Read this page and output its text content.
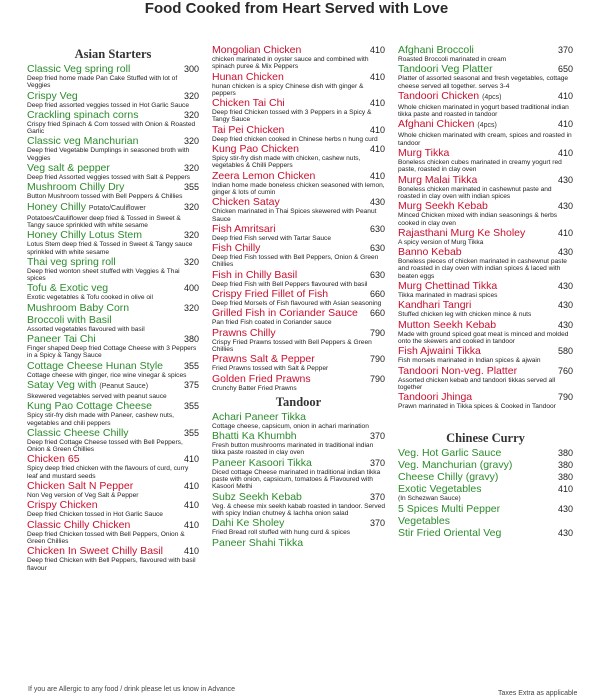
Food Cooked from Heart Served with Love
Asian Starters
Classic Veg spring roll	300
Deep fried home made Pan Cake Stuffed with lot of Veggies
Crispy Veg	320
Deep fried assorted veggies tossed in Hot Garlic Sauce
Crackling spinach corns	320
Crispy fried Spinach & Corn tossed with Onion & Roasted Garlic
Classic veg Manchurian	320
Deep fried Vegetable Dumplings in seasoned broth with Veggies
Veg salt & pepper	320
Deep fried Assorted veggies tossed with Salt & Peppers
Mushroom Chilly Dry	355
Button Mushroom tossed with Bell Peppers & Chillies
Honey Chilly Potato/Cauliflower	320
Potatoes/Cauliflower deep fried & Tossed in Sweet & Tangy sauce sprinkled with white sesame
Honey Chilly Lotus Stem	320
Lotus Stem deep fried & Tossed in Sweet & Tangy sauce sprinkled with white sesame
Thai veg spring roll	320
Deep fried wonton sheet stuffed with Veggies & Thai spices
Tofu & Exotic veg	400
Exotic vegetables & Tofu cooked in olive oil
Mushroom Baby Corn	320
Broccoli with Basil
Assorted vegetables flavoured with basil
Paneer Tai Chi	380
Finger shaped Deep fried Cottage Cheese with 3 Peppers in a Spicy & Tangy Sauce
Cottage Cheese Hunan Style	355
Cottage cheese with ginger, rice wine vinegar & spices
Satay Veg with (Peanut Sauce)	375
Skewered vegetables served with peanut sauce
Kung Pao Cottage Cheese	355
Spicy stir-fry dish made with Paneer, cashew nuts, vegetables and chili peppers
Classic Cheese Chilly	355
Deep fried Cottage Cheese tossed with Bell Peppers, Onion & Green Chillies
Chicken 65	410
Spicy deep fried chicken with the flavours of curd, curry leaf and mustard seeds
Chicken Salt N Pepper	410
Non Veg version of Veg Salt & Pepper
Crispy Chicken	410
Deep fried Chicken tossed in Hot Garlic Sauce
Classic Chilly Chicken	410
Deep fried Chicken tossed with Bell Peppers, Onion & Green Chillies
Chicken In Sweet Chilly Basil	410
Deep fried Chicken with Bell Peppers, flavoured with basil flavour
Mongolian Chicken	410
chicken marinated in oyster sauce and combined with spinach puree & Mix Peppers
Hunan Chicken	410
hunan chicken is a spicy Chinese dish with ginger & peppers
Chicken Tai Chi	410
Deep fried Chicken tossed with 3 Peppers in a Spicy & Tangy Sauce
Tai Pei Chicken	410
Deep fried chicken cooked in Chinese herbs n hung curd
Kung Pao Chicken	410
Spicy stir-fry dish made with chicken, cashew nuts, vegetables & Chilli Peppers
Zeera Lemon Chicken	410
Indian home made boneless chicken seasoned with lemon, ginger & lots of cumin
Chicken Satay	430
Chicken marinated in Thai Spices skewered with Peanut Sauce
Fish Amritsari	630
Deep fried Fish served with Tartar Sauce
Fish Chilly	630
Deep fried Fish tossed with Bell Peppers, Onion & Green Chillies
Fish in Chilly Basil	630
Deep fried Fish with Bell Peppers flavoured with basil
Crispy Fried Fillet of Fish	660
Deep fried Morsels of Fish flavoured with Asian seasoning
Grilled Fish in Coriander Sauce	660
Pan fried Fish coated in Coriander sauce
Prawns Chilly	790
Crispy Fried Prawns tossed with Bell Peppers & Green Chillies
Prawns Salt & Pepper	790
Fried Prawns tossed with Salt & Pepper
Golden Fried Prawns	790
Crunchy Batter Fried Prawns
Tandoor
Achari Paneer Tikka
Cottage cheese, capsicum, onion in achari marination
Bhatti Ka Khumbh	370
Fresh button mushrooms marinated in traditional indian tikka paste roasted in clay oven
Paneer Kasoori Tikka	370
Diced cottage Cheese marinated in traditional indian tikka paste with onion, capsicum, tomatoes & Flavoured with Kasoori Methi
Subz Seekh Kebab	370
Veg. & cheese mix seekh kabab roasted in tandoor. Served with spicy Indian chutney & lachha onion salad
Dahi Ke Sholey	370
Fried Bread roll stuffed with hung curd & spices
Paneer Shahi Tikka
Afghani Broccoli	370
Roasted Broccoli marinated in cream
Tandoori Veg Platter	650
Platter of assorted seasonal and fresh vegetables, cottage cheese served all together. serves 3-4
Tandoori Chicken (4pcs)	410
Whole chicken marinated in yogurt based traditional indian tikka paste and roasted in tandoor
Afghani Chicken (4pcs)	410
Whole chicken marinated with cream, spices and roasted in tandoor
Murg Tikka	410
Boneless chicken cubes marinated in creamy yogurt red paste, roasted in clay oven
Murg Malai Tikka	430
Boneless chicken marinated in cashewnut paste and roasted in clay oven with indian spices
Murg Seekh Kebab	430
Minced Chicken mixed with indian seasonings & herbs cooked in clay oven
Rajasthani Murg Ke Sholey	410
A spicy version of Murg Tikka
Banno Kebab	430
Boneless pieces of chicken marinated in cashewnut paste and roasted in clay oven with indian spices & laced with beaten eggs
Murg Chettinad Tikka	430
Tikka marinated in madrasi spices
Kandhari Tangri	430
Stuffed chicken leg with chicken mince & nuts
Mutton Seekh Kebab	430
Made with ground spiced goat meat is minced and molded onto the skewers and cooked in tandoor
Fish Ajwaini Tikka	580
Fish morsels marinated in Indian spices & ajwain
Tandoori Non-veg. Platter	760
Assorted chicken kebab and tandoori tikkas served all together
Tandoori Jhinga	790
Prawn marinated in Tikka spices & Cooked in Tandoor
Chinese Curry
Veg. Hot Garlic Sauce	380
Veg. Manchurian (gravy)	380
Cheese Chilly (gravy)	380
Exotic Vegetables	410
(In Schezwan Sauce)
5 Spices Multi Pepper	430
Vegetables
Stir Fried Oriental Veg	430
If you are Allergic to any food / drink please let us know in Advance
Taxes Extra as applicable
